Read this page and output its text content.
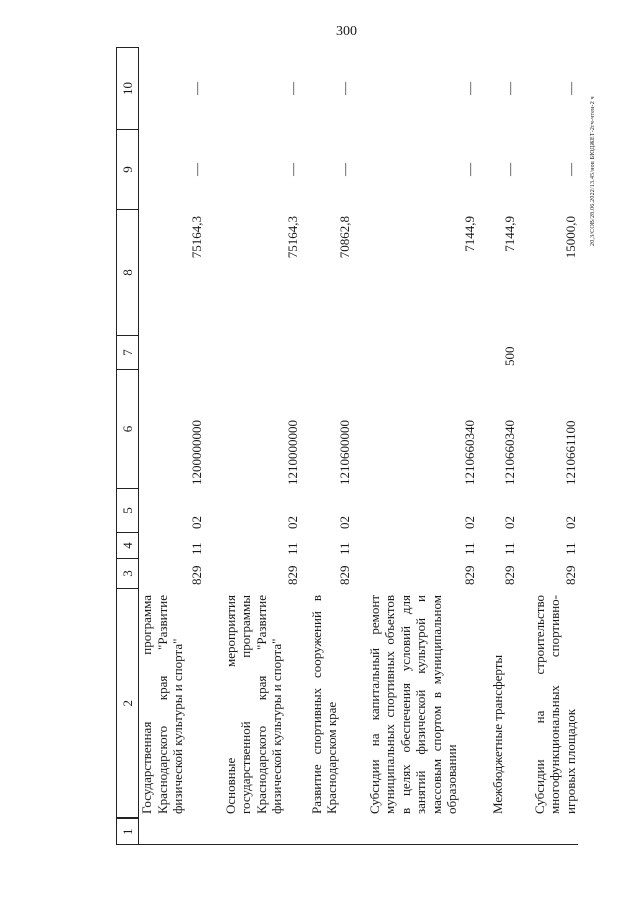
300
20,3/СОВ/28.06.2022/13.45/нов БЮДЖЕТ-2гч-чтен-2 ч
1	2	3	4	5	6	7	8	9	10
	Государственная программа Краснодарского края "Развитие физической культуры и спорта"	829	11	02	1200000000		75164,3	—	—
	Основные мероприятия государственной программы Краснодарского края "Развитие физической культуры и спорта"	829	11	02	1210000000		75164,3	—	—
	Развитие спортивных сооружений в Краснодарском крае	829	11	02	1210600000		70862,8	—	—
	Субсидии на капитальный ремонт муниципальных спортивных объектов в целях обеспечения условий для занятий физической культурой и массовым спортом в муниципальном образовании	829	11	02	1210660340		7144,9	—	—
	Межбюджетные трансферты	829	11	02	1210660340	500	7144,9	—	—
	Субсидии на строительство многофункциональных спортивно-игровых площадок	829	11	02	1210661100		15000,0	—	—
